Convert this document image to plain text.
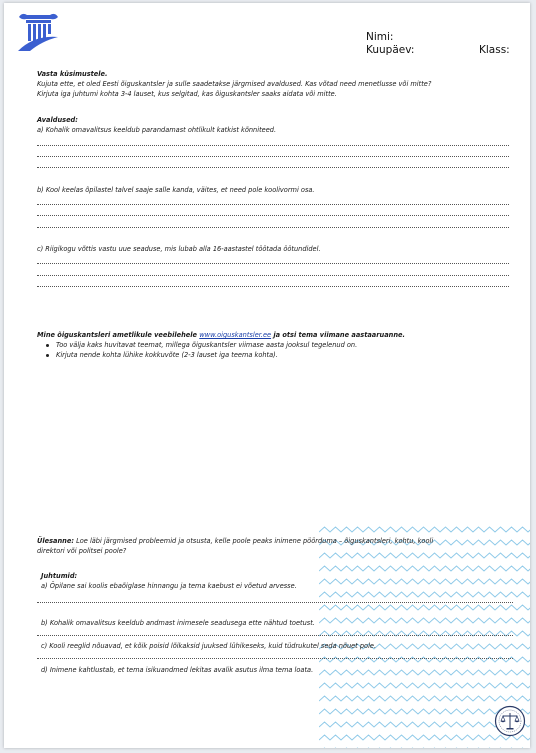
Nimi:
Kuupäev:	Klass:
Vasta küsimustele.
Kujuta ette, et oled Eesti õiguskantsler ja sulle saadetakse järgmised avaldused. Kas võtad need menetlusse või mitte?
Kirjuta iga juhtumi kohta 3-4 lauset, kus selgitad, kas õiguskantsler saaks aidata või mitte.
Avaldused:
a) Kohalik omavalitsus keeldub parandamast ohtlikult katkist kõnniteed.
b) Kool keelas õpilastel talvel saaje salle kanda, väites, et need pole koolivormi osa.
c) Riigikogu võttis vastu uue seaduse, mis lubab alla 16-aastastel töötada öötundidel.
Mine õiguskantsleri ametlikule veebilehele www.oiguskantsler.ee ja otsi tema viimane aastaaruanne.
Too välja kaks huvitavat teemat, millega õiguskantsler viimase aasta jooksul tegelenud on.
Kirjuta nende kohta lühike kokkuvõte (2-3 lauset iga teema kohta).
Ülesanne: Loe läbi järgmised probleemid ja otsusta, kelle poole peaks inimene pöörduma – õiguskantsleri, kohtu, kooli
direktori või politsei poole?
Juhtumid:
a) Õpilane sai koolis ebaõiglase hinnangu ja tema kaebust ei võetud arvesse.
b) Kohalik omavalitsus keeldub andmast inimesele seadusega ette nähtud toetust.
c) Kooli reeglid nõuavad, et kõik poisid lõikaksid juuksed lühikeseks, kuid tüdrukutel seda nõuet pole.
d) Inimene kahtlustab, et tema isikuandmed lekitas avalik asutus ilma tema loata.
